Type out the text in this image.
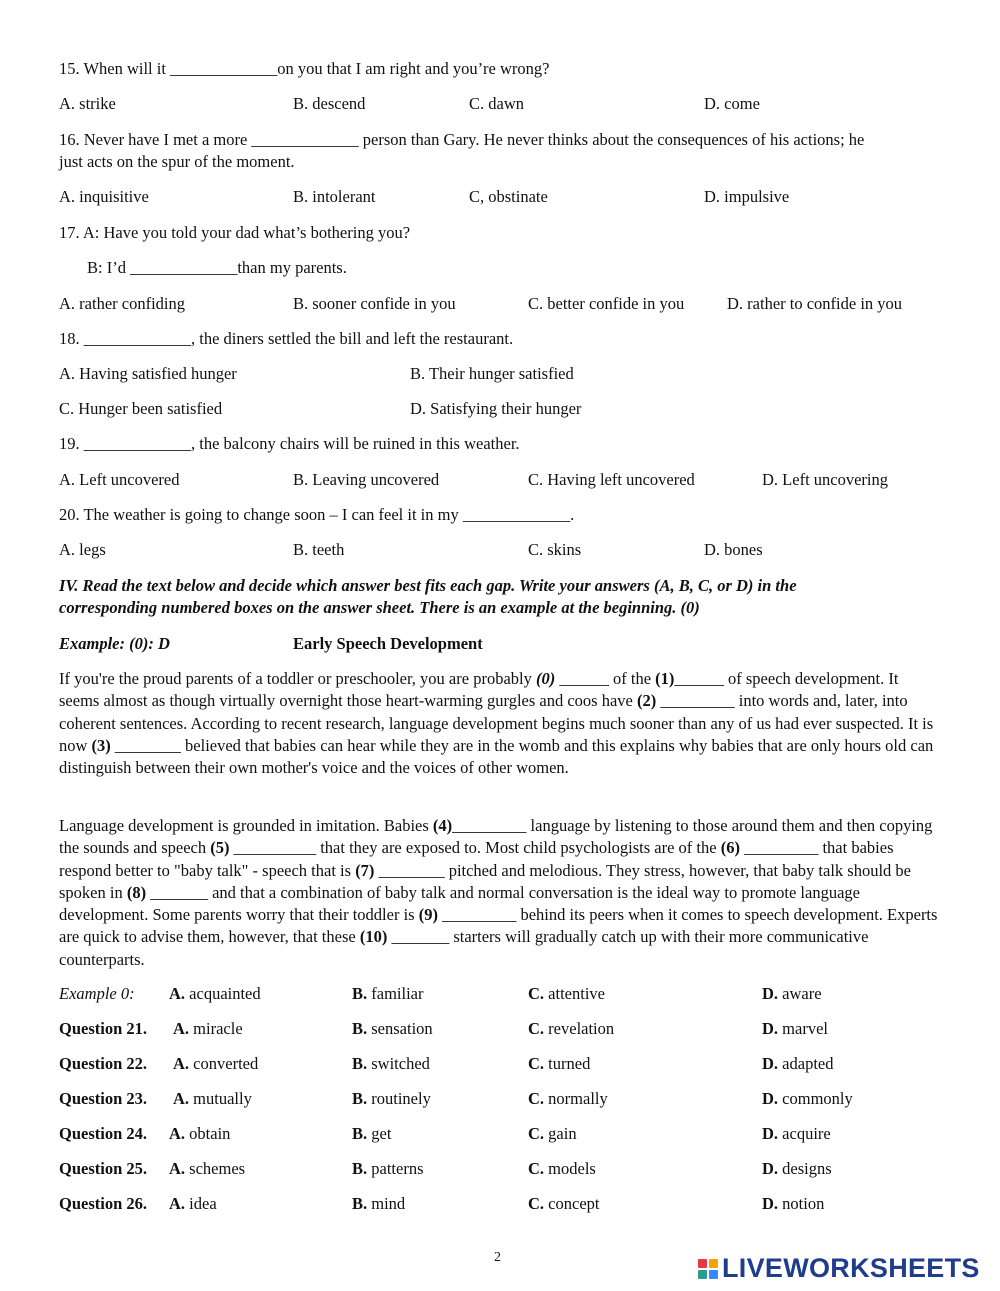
15. When will it _____________on you that I am right and you’re wrong?
A. strike	B. descend	C. dawn	D. come
16. Never have I met a more _____________ person than Gary. He never thinks about the consequences of his actions; he
just acts on the spur of the moment.
A. inquisitive	B. intolerant	C, obstinate	D. impulsive
17. A: Have you told your dad what’s bothering you?
B: I’d _____________than my parents.
A. rather confiding	B. sooner confide in you	C. better confide in you	D. rather to confide in you
18. _____________, the diners settled the bill and left the restaurant.
A. Having satisfied hunger	B. Their hunger satisfied
C. Hunger been satisfied	D. Satisfying their hunger
19. _____________, the balcony chairs will be ruined in this weather.
A. Left uncovered	B. Leaving uncovered	C. Having left uncovered	D. Left uncovering
20. The weather is going to change soon – I can feel it in my _____________.
A. legs	B. teeth	C. skins	D. bones
IV. Read the text below and decide which answer best fits each gap. Write your answers (A, B, C, or D) in the
corresponding numbered boxes on the answer sheet. There is an example at the beginning. (0)
Example: (0): D	Early Speech Development
If you're the proud parents of a toddler or preschooler, you are probably (0) ______ of the (1)______ of speech development. It seems almost as though virtually overnight those heart-warming gurgles and coos have (2) _________ into words and, later, into coherent sentences. According to recent research, language development begins much sooner than any of us had ever suspected. It is now (3) ________ believed that babies can hear while they are in the womb and this explains why babies that are only hours old can distinguish between their own mother's voice and the voices of other women.
Language development is grounded in imitation. Babies (4)_________ language by listening to those around them and then copying the sounds and speech (5) __________ that they are exposed to. Most child psychologists are of the (6) _________ that babies respond better to "baby talk" - speech that is (7) ________ pitched and melodious. They stress, however, that baby talk should be spoken in (8) _______ and that a combination of baby talk and normal conversation is the ideal way to promote language development. Some parents worry that their toddler is (9) _________ behind its peers when it comes to speech development. Experts are quick to advise them, however, that these (10) _______ starters will gradually catch up with their more communicative counterparts.
Example 0: A. acquainted	B. familiar	C. attentive	D. aware
Question 21. A. miracle	B. sensation	C. revelation	D. marvel
Question 22. A. converted	B. switched	C. turned	D. adapted
Question 23. A. mutually	B. routinely	C. normally	D. commonly
Question 24. A. obtain	B. get	C. gain	D. acquire
Question 25. A. schemes	B. patterns	C. models	D. designs
Question 26. A. idea	B. mind	C. concept	D. notion
2	LIVEWORKSHEETS
